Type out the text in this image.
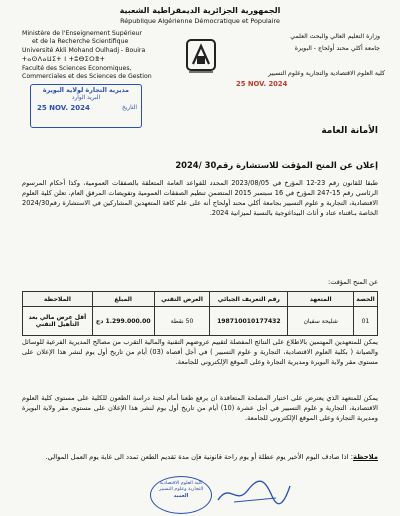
الجمهورية الجزائرية الديمقراطية الشعبية
République Algérienne Démocratique et Populaire
Ministère de l'Enseignement Supérieur
et de la Recherche Scientifique
Université Akli Mohand Oulhadj - Bouira
ⵜⴰⵙⴷⴰⵡⵉⵜ ⵏ ⵜⵓⴱⵉⵔⴻⵜ
Faculté des Sciences Economiques,
Commerciales et des Sciences de Gestion
وزارة التعليم العالي والبحث العلمي
جامعة أكلي محند أولحاج - البويرة
كلية العلوم الاقتصادية والتجارية وعلوم التسيير
مديرية التجارة لولاية البويرة
البريد الوارد
25 NOV. 2024	التاريخ
25 NOV. 2024
الأمانة العامة
إعلان عن المنح المؤقت للاستشارة رقم30 /2024
طبقا للقانون رقم 23-12 المؤرخ في 2023/08/05 المحدد للقواعد العامة المتعلقة بالصفقات العمومية، وكذا أحكام المرسوم الرئاسي رقم 15-247 المؤرخ في 16 سبتمبر 2015 المتضمن تنظيم الصفقات العمومية وتفويضات المرفق العام، تعلن كلية العلوم الاقتصادية، التجارية و علوم التسيير بجامعة أكلي محند أولحاج أنه على علم كافة المتعهدين المشاركين في الاستشارة رقم2024/30 الخاصة بـاقتناء عتاد و أثاث البيداغوجية بالنسبة لميزانية 2024.
عن المنح المؤقت:
الحصة	المتعهد	رقم التعريف الجبائي	العرض التقني	المبلغ	الملاحظة
01	شليحة سفيان	198710010177432	50 نقطة	1.299.000.00 دج	أقل عرض مالي بعد التأهيل التقني
يمكن للمتعهدين المهتمين بالاطلاع على النتائج المفصلة لتقييم عروضهم التقنية والمالية التقرب من مصالح المديرية الفرعية للوسائل والصيانة ( بكلية العلوم الاقتصادية، التجارية و علوم التسيير ) في أجل أقصاه (03) أيام من تاريخ أول يوم لنشر هذا الإعلان على مستوى مقر ولاية البويرة ومديرية التجارة وعلى الموقع الإلكتروني للجامعة.
يمكن للمتعهد الذي يعترض على اختيار المصلحة المتعاقدة ان يرفع طعنا أمام لجنة دراسة الطعون للكلية على مستوى كلية العلوم الاقتصادية، التجارية و علوم التسيير في أجل عشرة (10) أيام من تاريخ أول يوم لنشر هذا الإعلان على مستوى مقر ولاية البويرة ومديرية التجارة وعلى الموقع الإلكتروني للجامعة.
ملاحظة: اذا صادف اليوم الأخير يوم عطلة أو يوم راحة قانونية فإن مدة تقديم الطعن تمدد الى غاية يوم العمل الموالي.
كلية العلوم الاقتصادية
التجارية وعلوم التسيير
العميد
